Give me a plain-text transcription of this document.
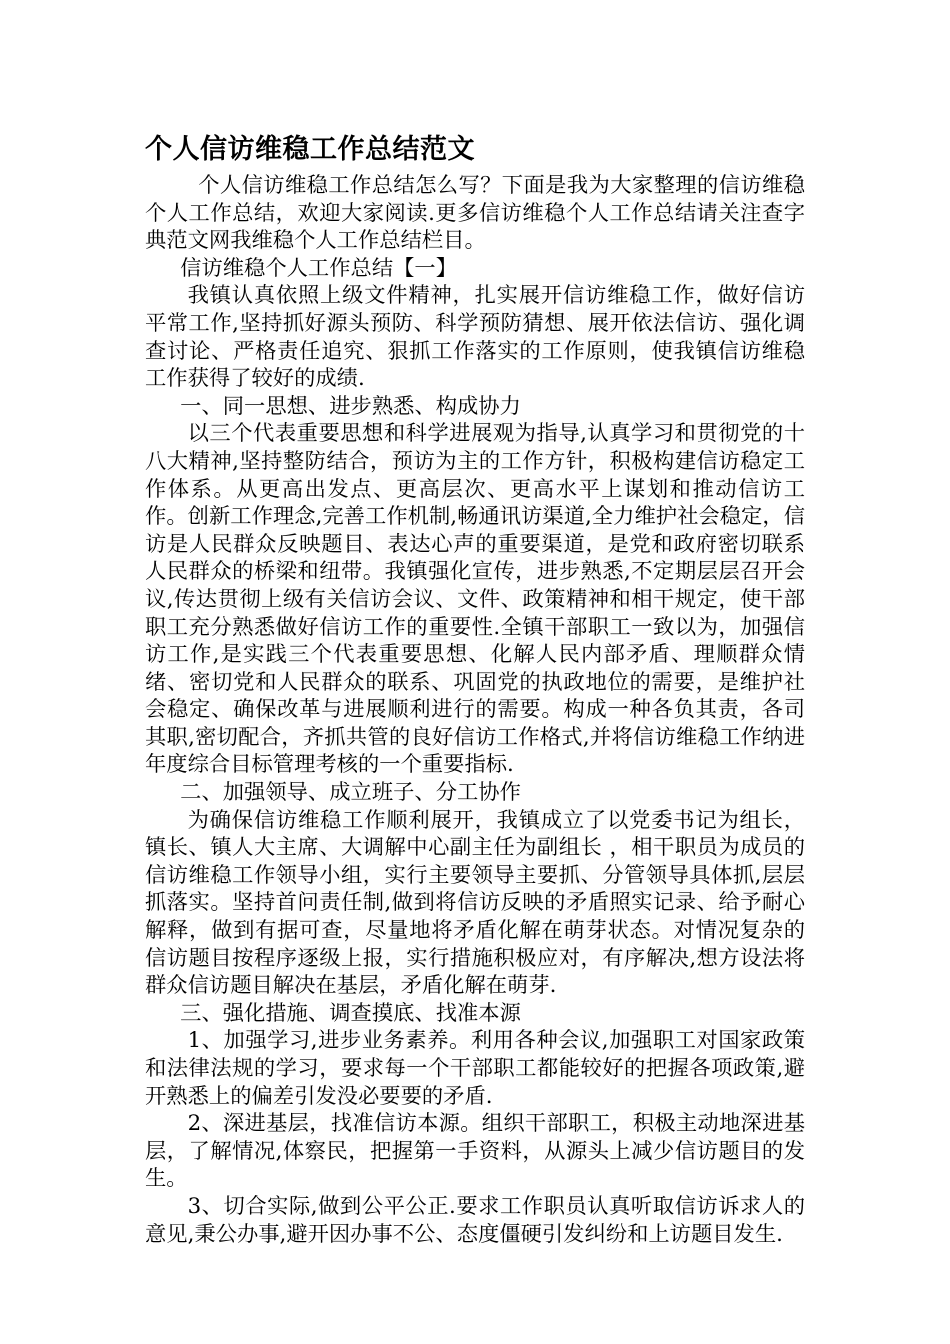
个人信访维稳工作总结范文

个人信访维稳工作总结怎么写？下面是我为大家整理的信访维稳个人工作总结，欢迎大家阅读.更多信访维稳个人工作总结请关注查字典范文网我维稳个人工作总结栏目。

信访维稳个人工作总结【一】

我镇认真依照上级文件精神，扎实展开信访维稳工作，做好信访平常工作,坚持抓好源头预防、科学预防猜想、展开依法信访、强化调查讨论、严格责任追究、狠抓工作落实的工作原则，使我镇信访维稳工作获得了较好的成绩.

一、同一思想、进步熟悉、构成协力

以三个代表重要思想和科学进展观为指导,认真学习和贯彻党的十八大精神,坚持整防结合，预访为主的工作方针，积极构建信访稳定工作体系。从更高出发点、更高层次、更高水平上谋划和推动信访工作。创新工作理念,完善工作机制,畅通讯访渠道,全力维护社会稳定，信访是人民群众反映题目、表达心声的重要渠道，是党和政府密切联系人民群众的桥梁和纽带。我镇强化宣传，进步熟悉,不定期层层召开会议,传达贯彻上级有关信访会议、文件、政策精神和相干规定，使干部职工充分熟悉做好信访工作的重要性.全镇干部职工一致以为，加强信访工作,是实践三个代表重要思想、化解人民内部矛盾、理顺群众情绪、密切党和人民群众的联系、巩固党的执政地位的需要，是维护社会稳定、确保改革与进展顺利进行的需要。构成一种各负其责，各司其职,密切配合，齐抓共管的良好信访工作格式,并将信访维稳工作纳进年度综合目标管理考核的一个重要指标.

二、加强领导、成立班子、分工协作

为确保信访维稳工作顺利展开，我镇成立了以党委书记为组长，镇长、镇人大主席、大调解中心副主任为副组长 ，相干职员为成员的信访维稳工作领导小组，实行主要领导主要抓、分管领导具体抓,层层抓落实。坚持首问责任制,做到将信访反映的矛盾照实记录、给予耐心解释，做到有据可查，尽量地将矛盾化解在萌芽状态。对情况复杂的信访题目按程序逐级上报，实行措施积极应对，有序解决,想方设法将群众信访题目解决在基层，矛盾化解在萌芽.

三、强化措施、调查摸底、找准本源

1、加强学习,进步业务素养。利用各种会议,加强职工对国家政策和法律法规的学习，要求每一个干部职工都能较好的把握各项政策,避开熟悉上的偏差引发没必要要的矛盾.

2、深进基层，找准信访本源。组织干部职工，积极主动地深进基层，了解情况,体察民，把握第一手资料，从源头上减少信访题目的发生。

3、切合实际,做到公平公正.要求工作职员认真听取信访诉求人的意见,秉公办事,避开因办事不公、态度僵硬引发纠纷和上访题目发生.
